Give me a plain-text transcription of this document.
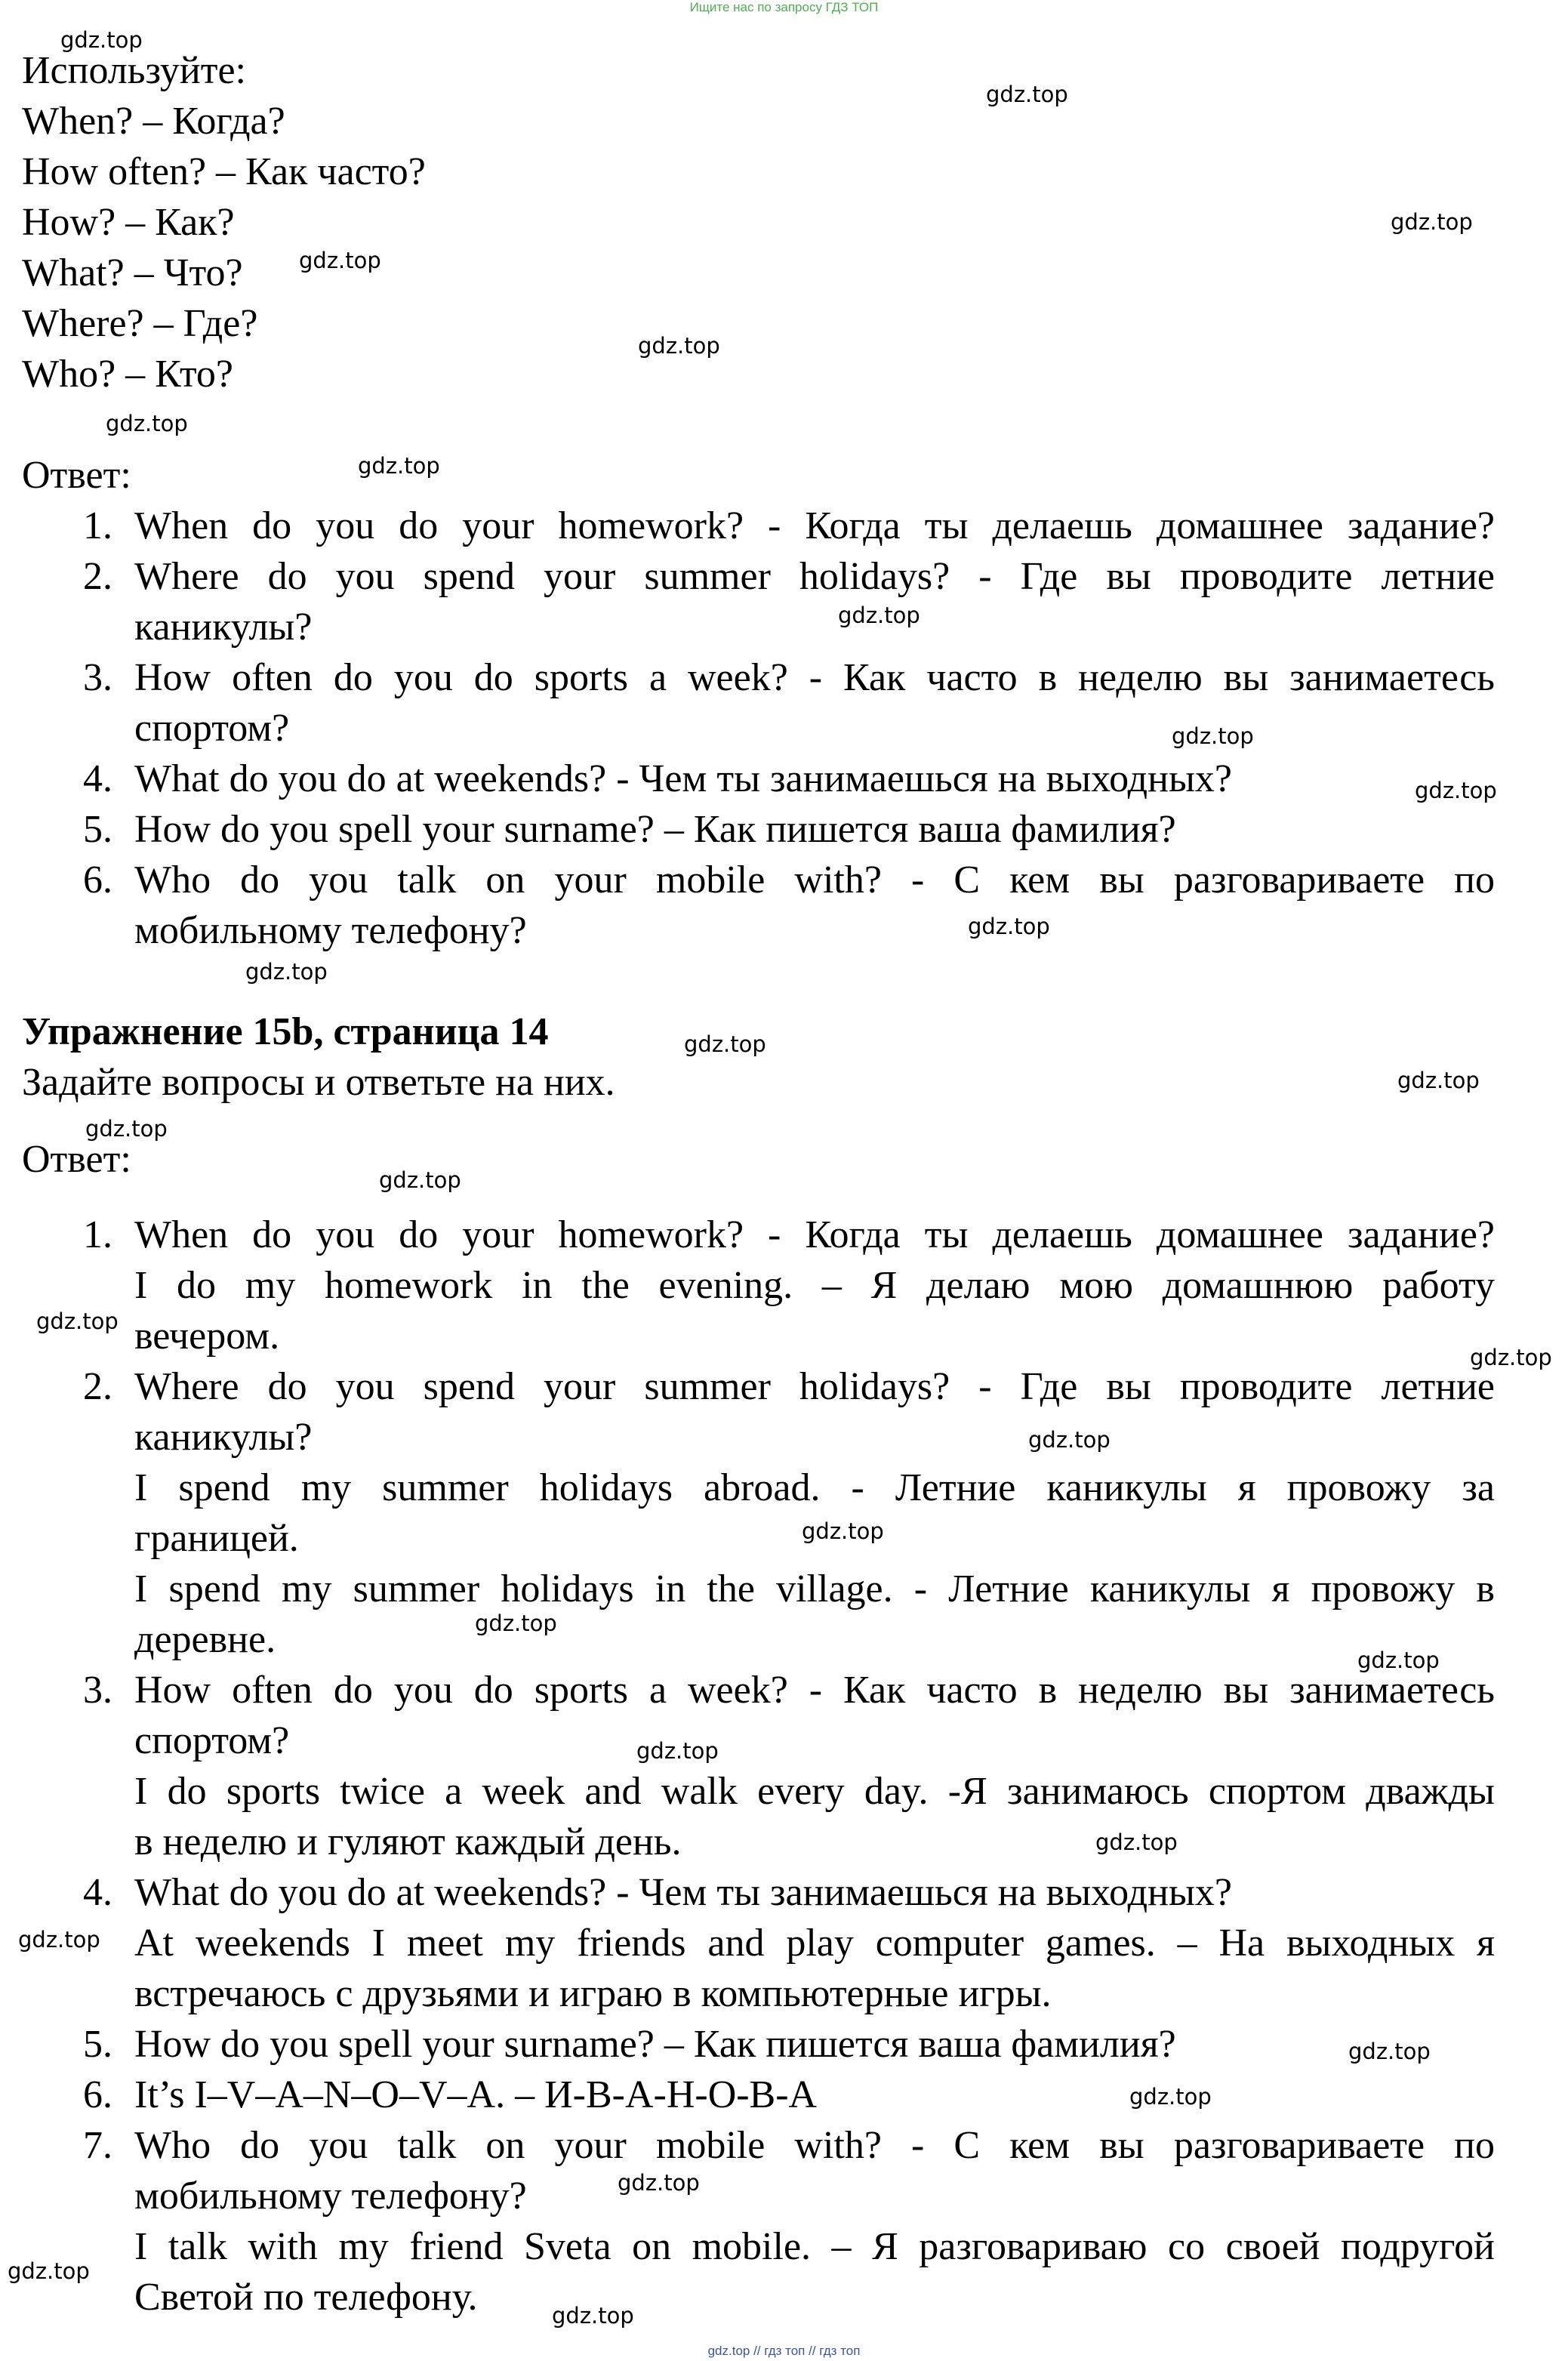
Ищите нас по запросу ГДЗ ТОП
Используйте:
When? – Когда?
How often? – Как часто?
How? – Как?
What? – Что?
Where? – Где?
Who? – Кто?
Ответ:
1. When do you do your homework? - Когда ты делаешь домашнее задание?
2. Where do you spend your summer holidays? - Где вы проводите летние
каникулы?
3. How often do you do sports a week? - Как часто в неделю вы занимаетесь
спортом?
4. What do you do at weekends? - Чем ты занимаешься на выходных?
5. How do you spell your surname? – Как пишется ваша фамилия?
6. Who do you talk on your mobile with? - С кем вы разговариваете по
мобильному телефону?
Упражнение 15b, страница 14
Задайте вопросы и ответьте на них.
Ответ:
1. When do you do your homework? - Когда ты делаешь домашнее задание?
I do my homework in the evening. – Я делаю мою домашнюю работу
вечером.
2. Where do you spend your summer holidays? - Где вы проводите летние
каникулы?
I spend my summer holidays abroad. - Летние каникулы я провожу за
границей.
I spend my summer holidays in the village. - Летние каникулы я провожу в
деревне.
3. How often do you do sports a week? - Как часто в неделю вы занимаетесь
спортом?
I do sports twice a week and walk every day. -Я занимаюсь спортом дважды
в неделю и гуляют каждый день.
4. What do you do at weekends? - Чем ты занимаешься на выходных?
At weekends I meet my friends and play computer games. – На выходных я
встречаюсь с друзьями и играю в компьютерные игры.
5. How do you spell your surname? – Как пишется ваша фамилия?
6. It’s I–V–A–N–O–V–A. – И-В-А-Н-О-В-А
7. Who do you talk on your mobile with? - С кем вы разговариваете по
мобильному телефону?
I talk with my friend Sveta on mobile. – Я разговариваю со своей подругой
Светой по телефону.
gdz.top
gdz.top
gdz.top
gdz.top
gdz.top
gdz.top
gdz.top
gdz.top
gdz.top
gdz.top
gdz.top
gdz.top
gdz.top
gdz.top
gdz.top
gdz.top
gdz.top
gdz.top
gdz.top
gdz.top
gdz.top
gdz.top
gdz.top
gdz.top
gdz.top
gdz.top
gdz.top
gdz.top
gdz.top
gdz.top
gdz.top // гдз топ // гдз топ
